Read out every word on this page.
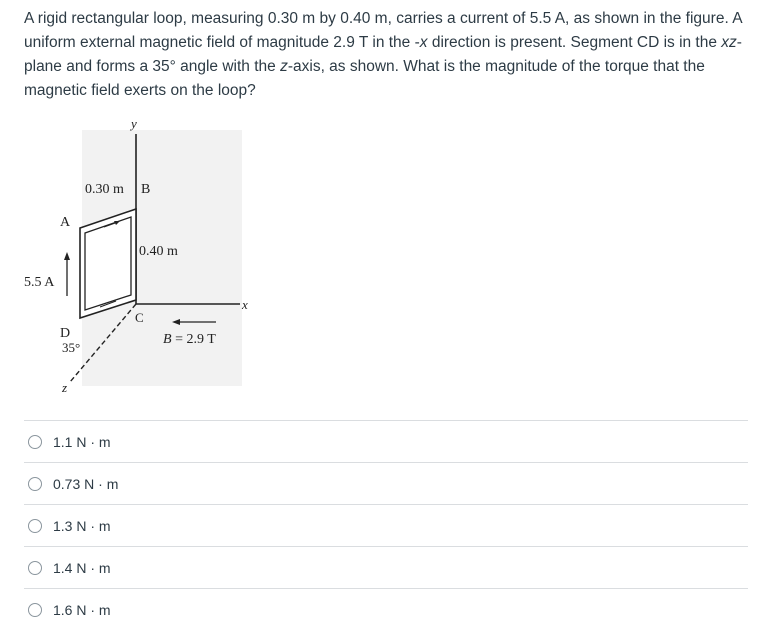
A rigid rectangular loop, measuring 0.30 m by 0.40 m, carries a current of 5.5 A, as shown in the figure. A uniform external magnetic field of magnitude 2.9 T in the -x direction is present. Segment CD is in the xz-plane and forms a 35° angle with the z-axis, as shown. What is the magnitude of the torque that the magnetic field exerts on the loop?

y
x
z
5.5 A
0.30 m B
A
0.40 m
C
D
35°
B = 2.9 T
1.1 N · m
0.73 N · m
1.3 N · m
1.4 N · m
1.6 N · m
